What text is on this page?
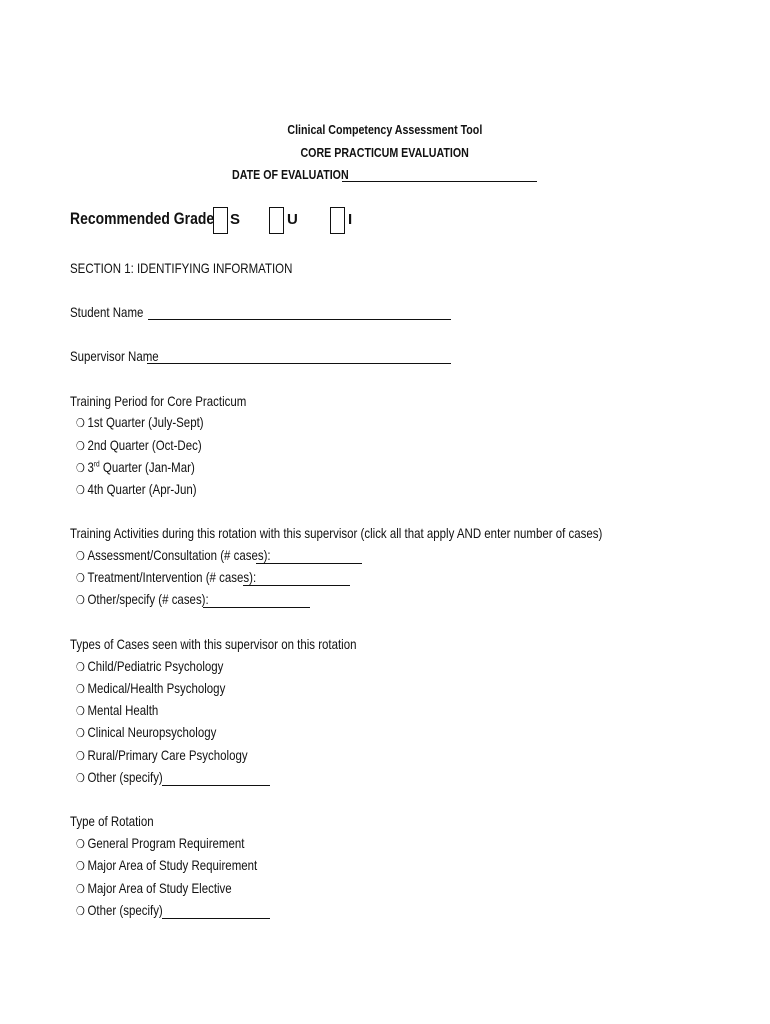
Clinical Competency Assessment Tool
CORE PRACTICUM EVALUATION
DATE OF EVALUATION
Recommended Grade	S	U	I
SECTION 1: IDENTIFYING INFORMATION
Student Name
Supervisor Name
Training Period for Core Practicum
❍ 1st Quarter (July-Sept)
❍ 2nd Quarter (Oct-Dec)
❍ 3rd Quarter (Jan-Mar)
❍ 4th Quarter (Apr-Jun)
Training Activities during this rotation with this supervisor (click all that apply AND enter number of cases)
❍ Assessment/Consultation (# cases):
❍ Treatment/Intervention (# cases):
❍ Other/specify (# cases):
Types of Cases seen with this supervisor on this rotation
❍ Child/Pediatric Psychology
❍ Medical/Health Psychology
❍ Mental Health
❍ Clinical Neuropsychology
❍ Rural/Primary Care Psychology
❍ Other (specify)
Type of Rotation
❍ General Program Requirement
❍ Major Area of Study Requirement
❍ Major Area of Study Elective
❍ Other (specify)
